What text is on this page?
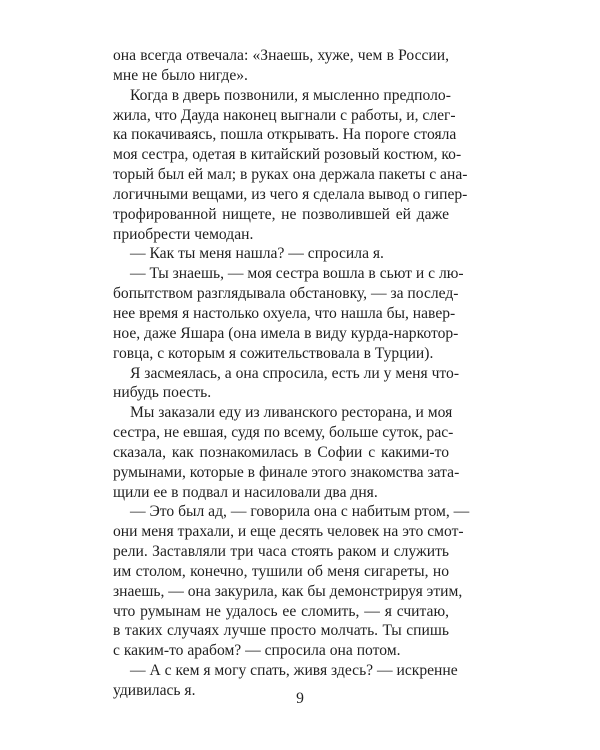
она всегда отвечала: «Знаешь, хуже, чем в России,
мне не было нигде».
Когда в дверь позвонили, я мысленно предполо-
жила, что Дауда наконец выгнали с работы, и, слег-
ка покачиваясь, пошла открывать. На пороге стояла
моя сестра, одетая в китайский розовый костюм, ко-
торый был ей мал; в руках она держала пакеты с ана-
логичными вещами, из чего я сделала вывод о гипер-
трофированной нищете, не позволившей ей даже
приобрести чемодан.
— Как ты меня нашла? — спросила я.
— Ты знаешь, — моя сестра вошла в сьют и с лю-
бопытством разглядывала обстановку, — за послед-
нее время я настолько охуела, что нашла бы, навер-
ное, даже Яшара (она имела в виду курда-наркотор-
говца, с которым я сожительствовала в Турции).
Я засмеялась, а она спросила, есть ли у меня что-
нибудь поесть.
Мы заказали еду из ливанского ресторана, и моя
сестра, не евшая, судя по всему, больше суток, рас-
сказала, как познакомилась в Софии с какими-то
румынами, которые в финале этого знакомства зата-
щили ее в подвал и насиловали два дня.
— Это был ад, — говорила она с набитым ртом, —
они меня трахали, и еще десять человек на это смот-
рели. Заставляли три часа стоять раком и служить
им столом, конечно, тушили об меня сигареты, но
знаешь, — она закурила, как бы демонстрируя этим,
что румынам не удалось ее сломить, — я считаю,
в таких случаях лучше просто молчать. Ты спишь
с каким-то арабом? — спросила она потом.
— А с кем я могу спать, живя здесь? — искренне
удивилась я.	9
